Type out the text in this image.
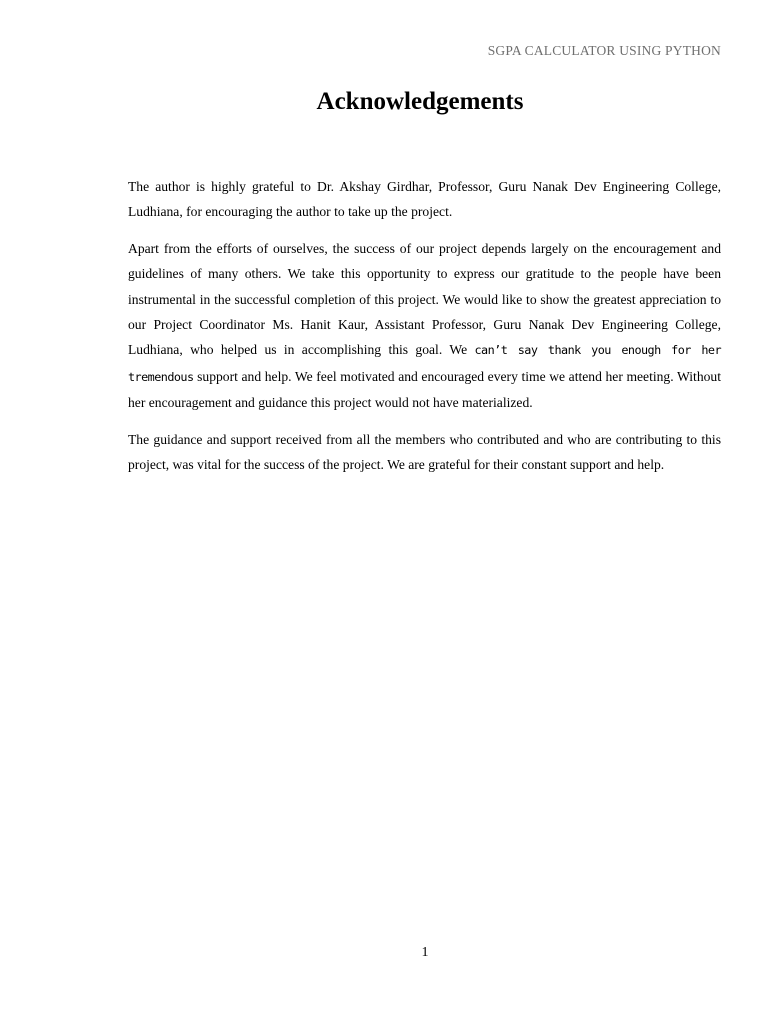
SGPA CALCULATOR USING PYTHON
Acknowledgements

The author is highly grateful to Dr. Akshay Girdhar, Professor, Guru Nanak Dev Engineering College, Ludhiana, for encouraging the author to take up the project.

Apart from the efforts of ourselves, the success of our project depends largely on the encouragement and guidelines of many others. We take this opportunity to express our gratitude to the people have been instrumental in the successful completion of this project. We would like to show the greatest appreciation to our Project Coordinator Ms. Hanit Kaur, Assistant Professor, Guru Nanak Dev Engineering College, Ludhiana, who helped us in accomplishing this goal. We can’t say thank you enough for her tremendous support and help. We feel motivated and encouraged every time we attend her meeting. Without her encouragement and guidance this project would not have materialized.

The guidance and support received from all the members who contributed and who are contributing to this project, was vital for the success of the project. We are grateful for their constant support and help.

1
